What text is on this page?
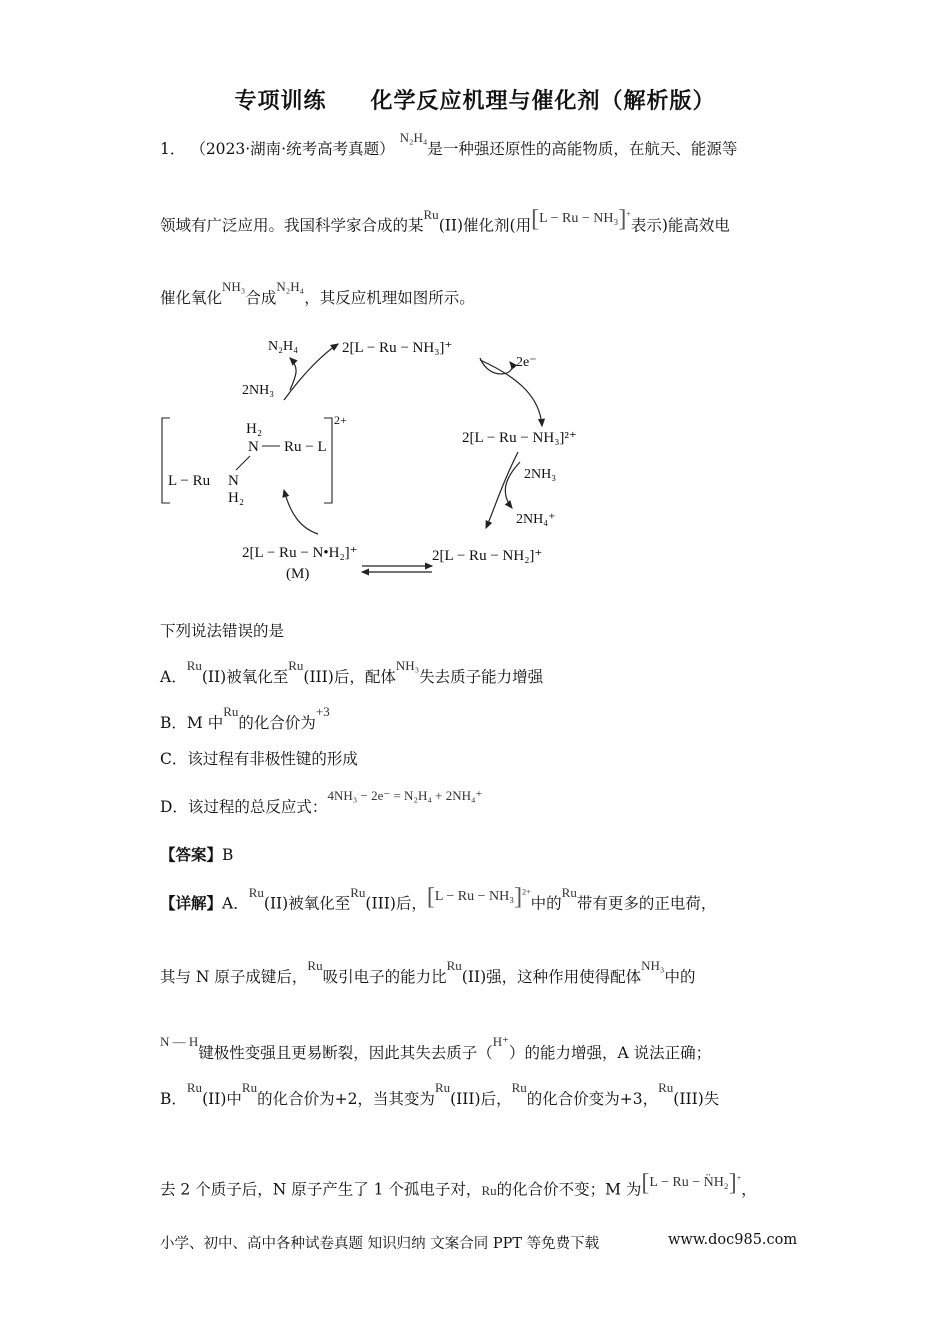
专项训练 化学反应机理与催化剂（解析版）
1． （2023·湖南·统考高考真题） $^{N_2H_4}$是一种强还原性的高能物质，在航天、能源等
领域有广泛应用。我国科学家合成的某$^{Ru}$(II)催化剂(用[L − Ru − NH₃]+表示)能高效电
催化氧化$^{NH_3}$合成$^{N_2H_4}$，其反应机理如图所示。
2[L − Ru − NH₃]⁺
2[L − Ru − NH₃]²⁺
2[L − Ru − NH₂]⁺
2[L − Ru − N•H₂]⁺
(M)
2e⁻
2NH₃
2NH₄⁺
N₂H₄
2NH₃
2+
H₂
N Ru − L
L − Ru N
H₂
下列说法错误的是
A．$^{Ru}$(II)被氧化至$^{Ru}$(III)后，配体$^{NH_3}$失去质子能力增强
B．M 中$^{Ru}$的化合价为$^{+3}$
C．该过程有非极性键的形成
D．该过程的总反应式：$^{4NH_3 - 2e^- = N_2H_4 + 2NH_4^+}$
【答案】B
【详解】A．$^{Ru}$(II)被氧化至$^{Ru}$(III)后，$[L - Ru - NH_3]^{2+}$中的$^{Ru}$带有更多的正电荷，
其与 N 原子成键后，$^{Ru}$吸引电子的能力比$^{Ru}$(II)强，这种作用使得配体$^{NH_3}$中的
$^{N — H}$键极性变强且更易断裂，因此其失去质子（$^{H^+}$）的能力增强，A 说法正确；
B．$^{Ru}$(II)中$^{Ru}$的化合价为+2，当其变为$^{Ru}$(III)后，$^{Ru}$的化合价变为+3，$^{Ru}$(III)失
去 2 个质子后，N 原子产生了 1 个孤电子对，Ru的化合价不变；M 为[L − Ru − N̈H₂]+，
小学、初中、高中各种试卷真题 知识归纳 文案合同 PPT 等免费下载	www.doc985.com
